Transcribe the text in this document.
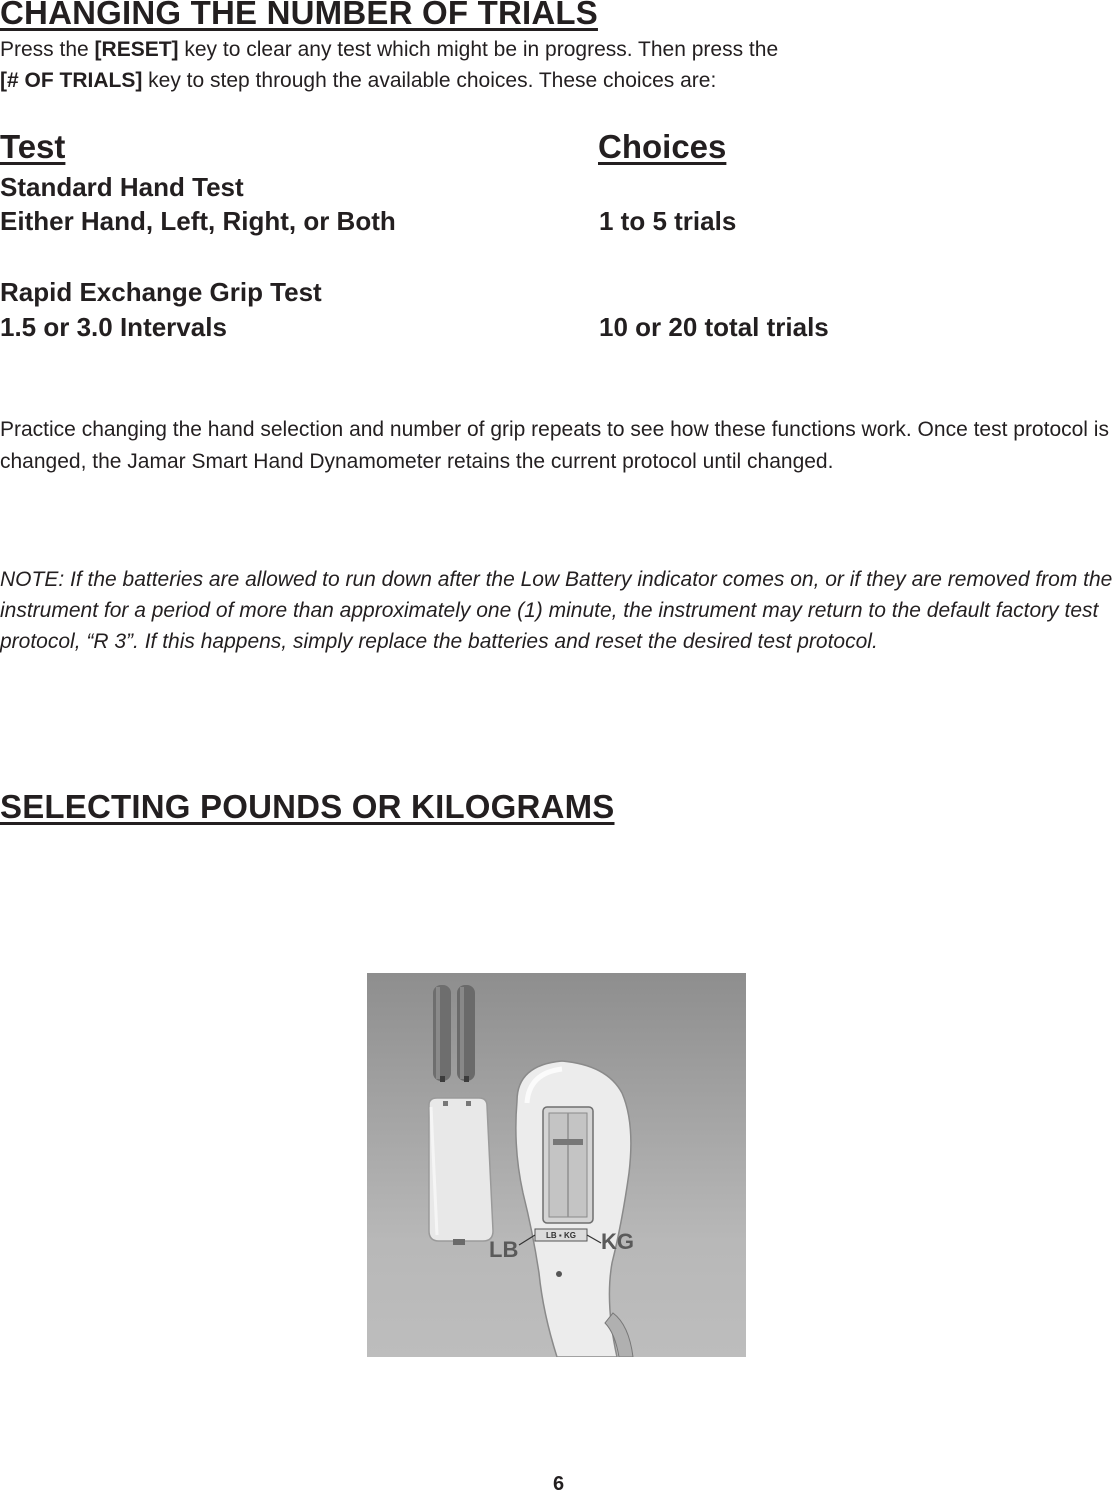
CHANGING THE NUMBER OF TRIALS
Press the [RESET] key to clear any test which might be in progress. Then press the
[# OF TRIALS] key to step through the available choices. These choices are:
Test	Choices
Standard Hand Test
Either Hand, Left, Right, or Both	1 to 5 trials
Rapid Exchange Grip Test
1.5 or 3.0 Intervals	10 or 20 total trials
Practice changing the hand selection and number of grip repeats to see how these functions work. Once test protocol is changed, the Jamar Smart Hand Dynamometer retains the current protocol until changed.
NOTE: If the batteries are allowed to run down after the Low Battery indicator comes on, or if they are removed from the instrument for a period of more than approximately one (1) minute, the instrument may return to the default factory test protocol, “R 3”. If this happens, simply replace the batteries and reset the desired test protocol.
SELECTING POUNDS OR KILOGRAMS
LB ▪ KG
LB	KG
6
